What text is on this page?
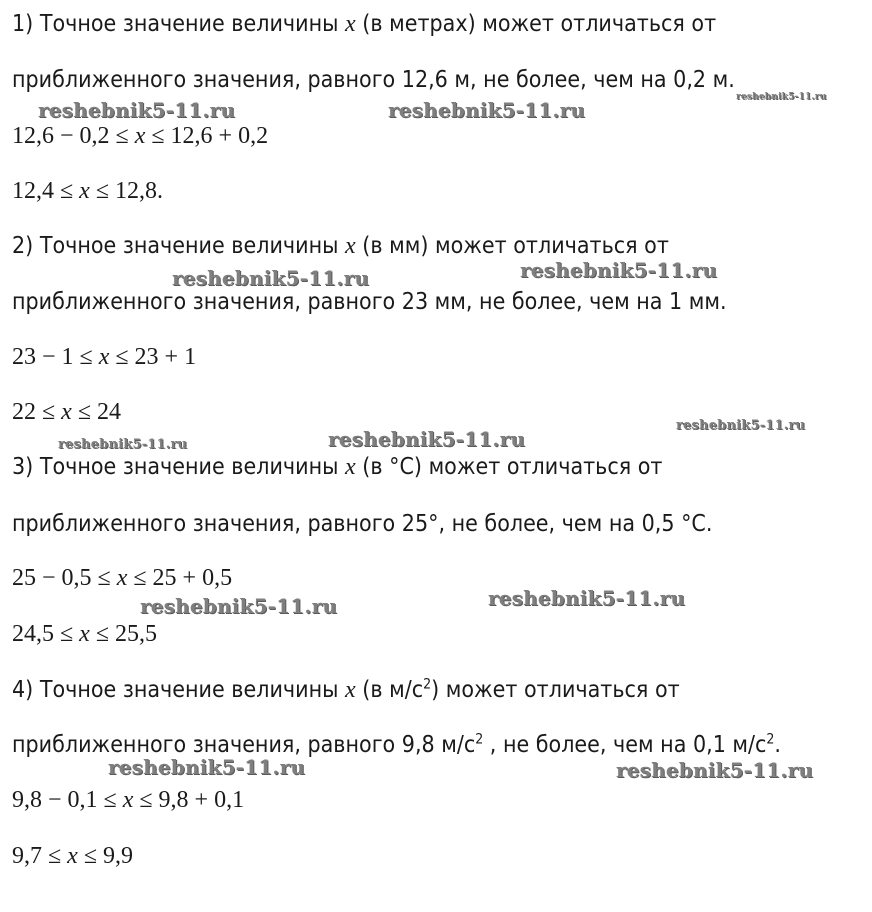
1) Точное значение величины x (в метрах) может отличаться от
приближенного значения, равного 12,6 м, не более, чем на 0,2 м.
12,6 − 0,2 ≤ x ≤ 12,6 + 0,2
12,4 ≤ x ≤ 12,8.
2) Точное значение величины x (в мм) может отличаться от
приближенного значения, равного 23 мм, не более, чем на 1 мм.
23 − 1 ≤ x ≤ 23 + 1
22 ≤ x ≤ 24
3) Точное значение величины x (в °C) может отличаться от
приближенного значения, равного 25°, не более, чем на 0,5 °C.
25 − 0,5 ≤ x ≤ 25 + 0,5
24,5 ≤ x ≤ 25,5
4) Точное значение величины x (в $м/с^2$) может отличаться от
приближенного значения, равного 9,8 $м/с^2$ , не более, чем на 0,1 $м/с^2$.
9,8 − 0,1 ≤ x ≤ 9,8 + 0,1
9,7 ≤ x ≤ 9,9
reshebnik5-11.ru	reshebnik5-11.ru
reshebnik5-11.ru
reshebnik5-11.ru	reshebnik5-11.ru
reshebnik5-11.ru
reshebnik5-11.ru
reshebnik5-11.ru
reshebnik5-11.ru
reshebnik5-11.ru
reshebnik5-11.ru	reshebnik5-11.ru
